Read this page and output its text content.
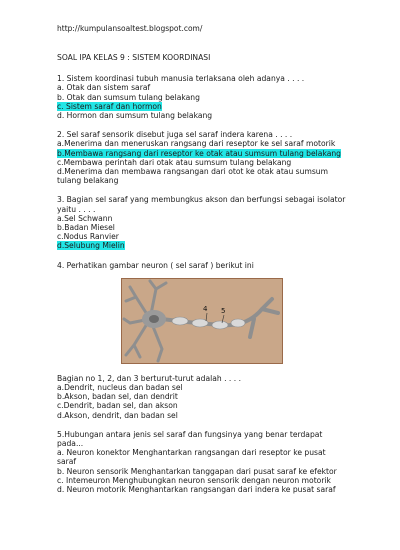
http://kumpulansoaltest.blogspot.com/
SOAL IPA KELAS 9 : SISTEM KOORDINASI
1. Sistem koordinasi tubuh manusia terlaksana oleh adanya . . . .
a. Otak dan sistem saraf
b. Otak dan sumsum tulang belakang
c. Sistem saraf dan hormon
d. Hormon dan sumsum tulang belakang
2. Sel saraf sensorik disebut juga sel saraf indera karena . . . .
a.Menerima dan meneruskan rangsang dari reseptor ke sel saraf motorik
b.Membawa rangsang dari reseptor ke otak atau sumsum tulang belakang
c.Membawa perintah dari otak atau sumsum tulang belakang
d.Menerima dan membawa rangsangan dari otot ke otak atau sumsum tulang belakang
3. Bagian sel saraf yang membungkus akson dan berfungsi sebagai isolator yaitu . . . .
a.Sel Schwann
b.Badan Miesel
c.Nodus Ranvier
d.Selubung Mielin
4. Perhatikan gambar neuron ( sel saraf ) berikut ini
4 5
Bagian no 1, 2, dan 3 berturut-turut adalah . . . .
a.Dendrit, nucleus dan badan sel
b.Akson, badan sel, dan dendrit
c.Dendrit, badan sel, dan akson
d.Akson, dendrit, dan badan sel
5.Hubungan antara jenis sel saraf dan fungsinya yang benar terdapat pada...
a. Neuron konektor Menghantarkan rangsangan dari reseptor ke pusat saraf
b. Neuron sensorik Menghantarkan tanggapan dari pusat saraf ke efektor
c. Intemeuron Menghubungkan neuron sensorik dengan neuron motorik
d. Neuron motorik Menghantarkan rangsangan dari indera ke pusat saraf
